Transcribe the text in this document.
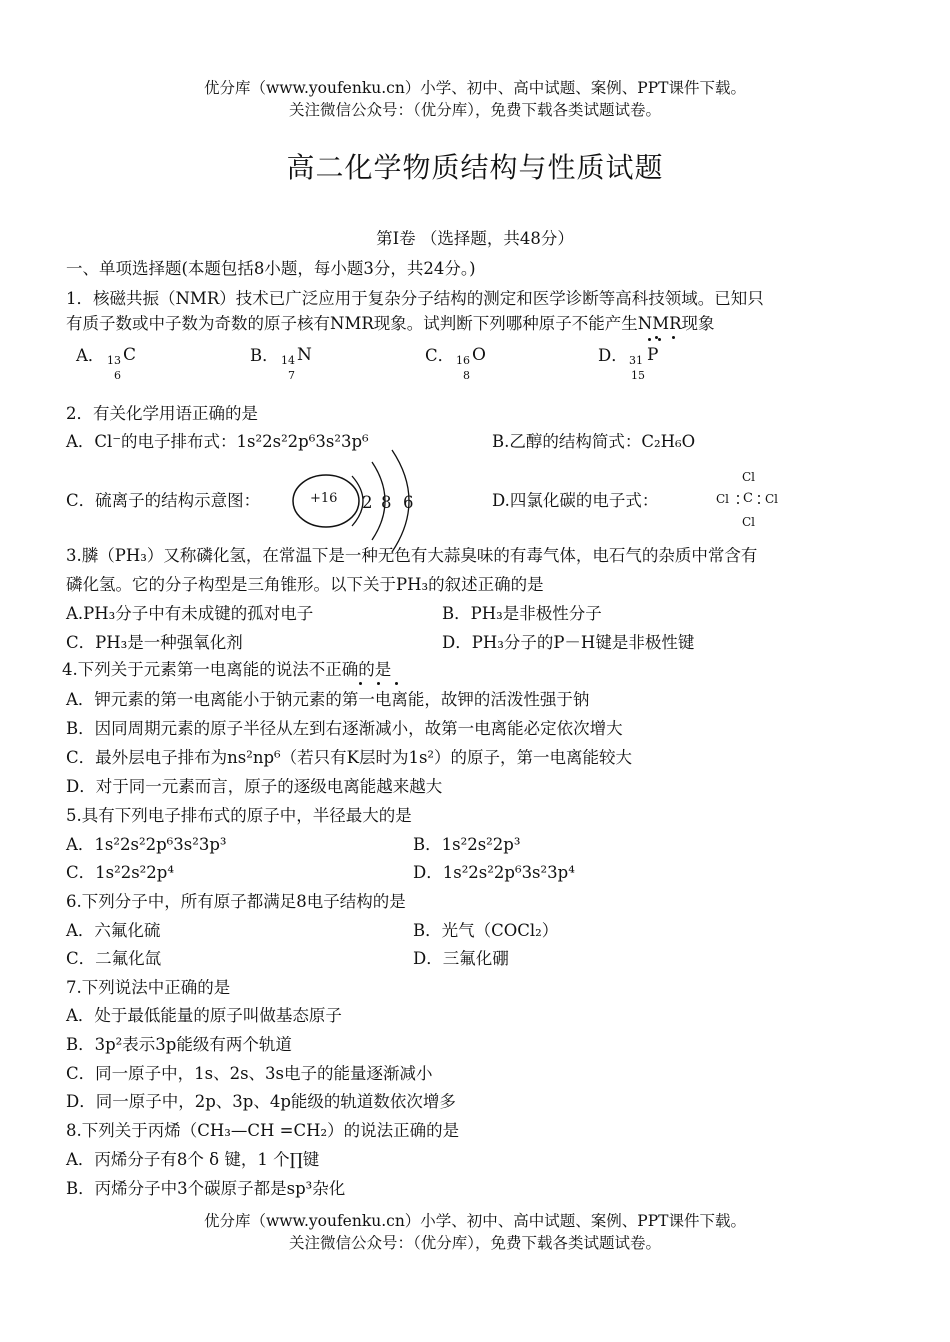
优分库（www.youfenku.cn）小学、初中、高中试题、案例、PPT课件下载。
关注微信公众号：（优分库），免费下载各类试题试卷。
高二化学物质结构与性质试题
第Ⅰ卷 （选择题，共48分）
一、单项选择题(本题包括8小题，每小题3分，共24分。)
1．核磁共振（NMR）技术已广泛应用于复杂分子结构的测定和医学诊断等高科技领域。已知只
有质子数或中子数为奇数的原子核有NMR现象。试判断下列哪种原子不能产生NMR现象
A． 13
6
C	B． 14
7
N	C． 16
8
O	D． 31
15
P
2．有关化学用语正确的是
A．Cl⁻的电子排布式：1s²2s²2p⁶3s²3p⁶	B.乙醇的结构简式：C₂H₆O
C．硫离子的结构示意图：	D.四氯化碳的电子式：
+16 2 8 6
Cl
Cl C Cl
Cl
3.膦（PH₃）又称磷化氢，在常温下是一种无色有大蒜臭味的有毒气体，电石气的杂质中常含有
磷化氢。它的分子构型是三角锥形。以下关于PH₃的叙述正确的是
A.PH₃分子中有未成键的孤对电子	B．PH₃是非极性分子
C．PH₃是一种强氧化剂	D．PH₃分子的P－H键是非极性键
4.下列关于元素第一电离能的说法不正确的是
A．钾元素的第一电离能小于钠元素的第一电离能，故钾的活泼性强于钠
B．因同周期元素的原子半径从左到右逐渐减小，故第一电离能必定依次增大
C．最外层电子排布为ns²np⁶（若只有K层时为1s²）的原子，第一电离能较大
D．对于同一元素而言，原子的逐级电离能越来越大
5.具有下列电子排布式的原子中，半径最大的是
A．1s²2s²2p⁶3s²3p³	B．1s²2s²2p³
C．1s²2s²2p⁴	D．1s²2s²2p⁶3s²3p⁴
6.下列分子中，所有原子都满足8电子结构的是
A．六氟化硫	B．光气（COCl₂）
C．二氟化氙	D．三氟化硼
7.下列说法中正确的是
A．处于最低能量的原子叫做基态原子
B．3p²表示3p能级有两个轨道
C．同一原子中，1s、2s、3s电子的能量逐渐减小
D．同一原子中，2p、3p、4p能级的轨道数依次增多
8.下列关于丙烯（CH₃—CH =CH₂）的说法正确的是
A．丙烯分子有8个 δ 键，1 个∏键
B．丙烯分子中3个碳原子都是sp³杂化
优分库（www.youfenku.cn）小学、初中、高中试题、案例、PPT课件下载。
关注微信公众号：（优分库），免费下载各类试题试卷。
